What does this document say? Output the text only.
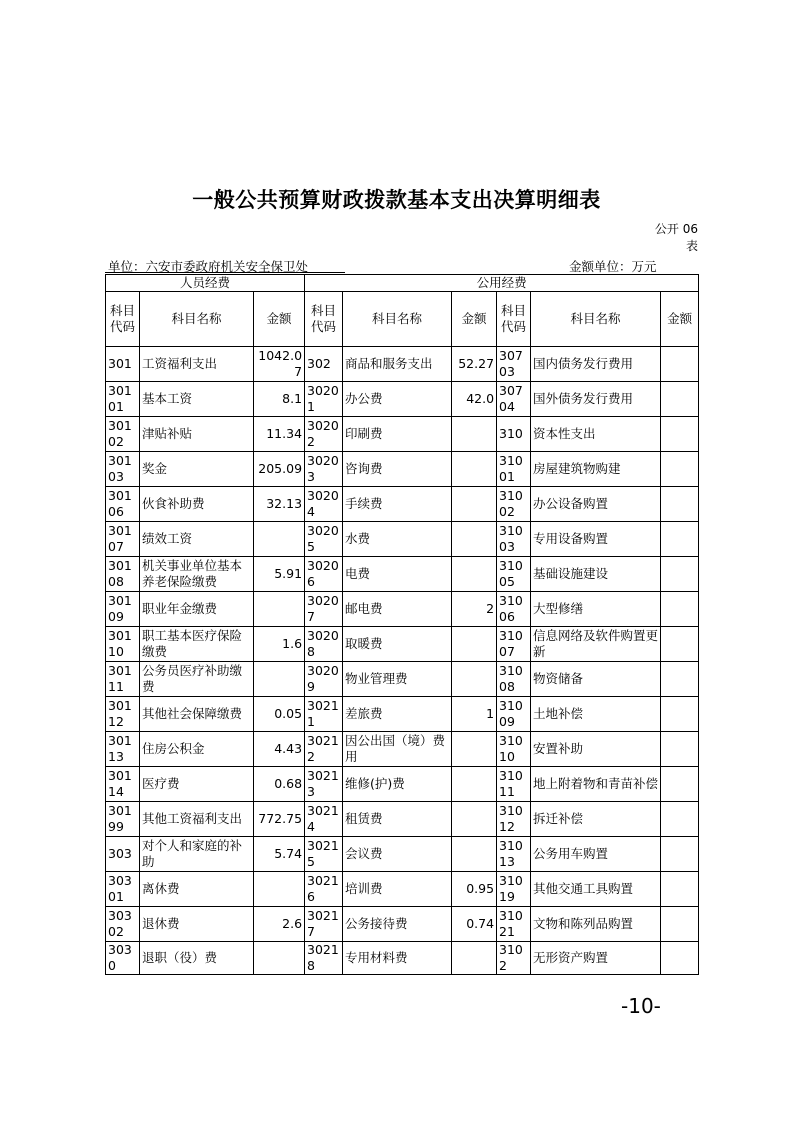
一般公共预算财政拨款基本支出决算明细表
公开 06
表
单位：六安市委政府机关安全保卫处	金额单位：万元
人员经费			公用经费					
科目代码	科目名称	金额	科目代码	科目名称	金额	科目代码	科目名称	金额
301	工资福利支出	1042.07	302	商品和服务支出	52.27	30703	国内债务发行费用	
30101	基本工资	8.1	30201	办公费	42.0	30704	国外债务发行费用	
30102	津贴补贴	11.34	30202	印刷费		310	资本性支出	
30103	奖金	205.09	30203	咨询费		31001	房屋建筑物购建	
30106	伙食补助费	32.13	30204	手续费		31002	办公设备购置	
30107	绩效工资		30205	水费		31003	专用设备购置	
30108	机关事业单位基本养老保险缴费	5.91	30206	电费		31005	基础设施建设	
30109	职业年金缴费		30207	邮电费	2	31006	大型修缮	
30110	职工基本医疗保险缴费	1.6	30208	取暖费		31007	信息网络及软件购置更新	
30111	公务员医疗补助缴费		30209	物业管理费		31008	物资储备	
30112	其他社会保障缴费	0.05	30211	差旅费	1	31009	土地补偿	
30113	住房公积金	4.43	30212	因公出国（境）费用		31010	安置补助	
30114	医疗费	0.68	30213	维修(护)费		31011	地上附着物和青苗补偿	
30199	其他工资福利支出	772.75	30214	租赁费		31012	拆迁补偿	
303	对个人和家庭的补助	5.74	30215	会议费		31013	公务用车购置	
30301	离休费		30216	培训费	0.95	31019	其他交通工具购置	
30302	退休费	2.6	30217	公务接待费	0.74	31021	文物和陈列品购置	
3030	退职（役）费		30218	专用材料费		3102	无形资产购置	
-10-
